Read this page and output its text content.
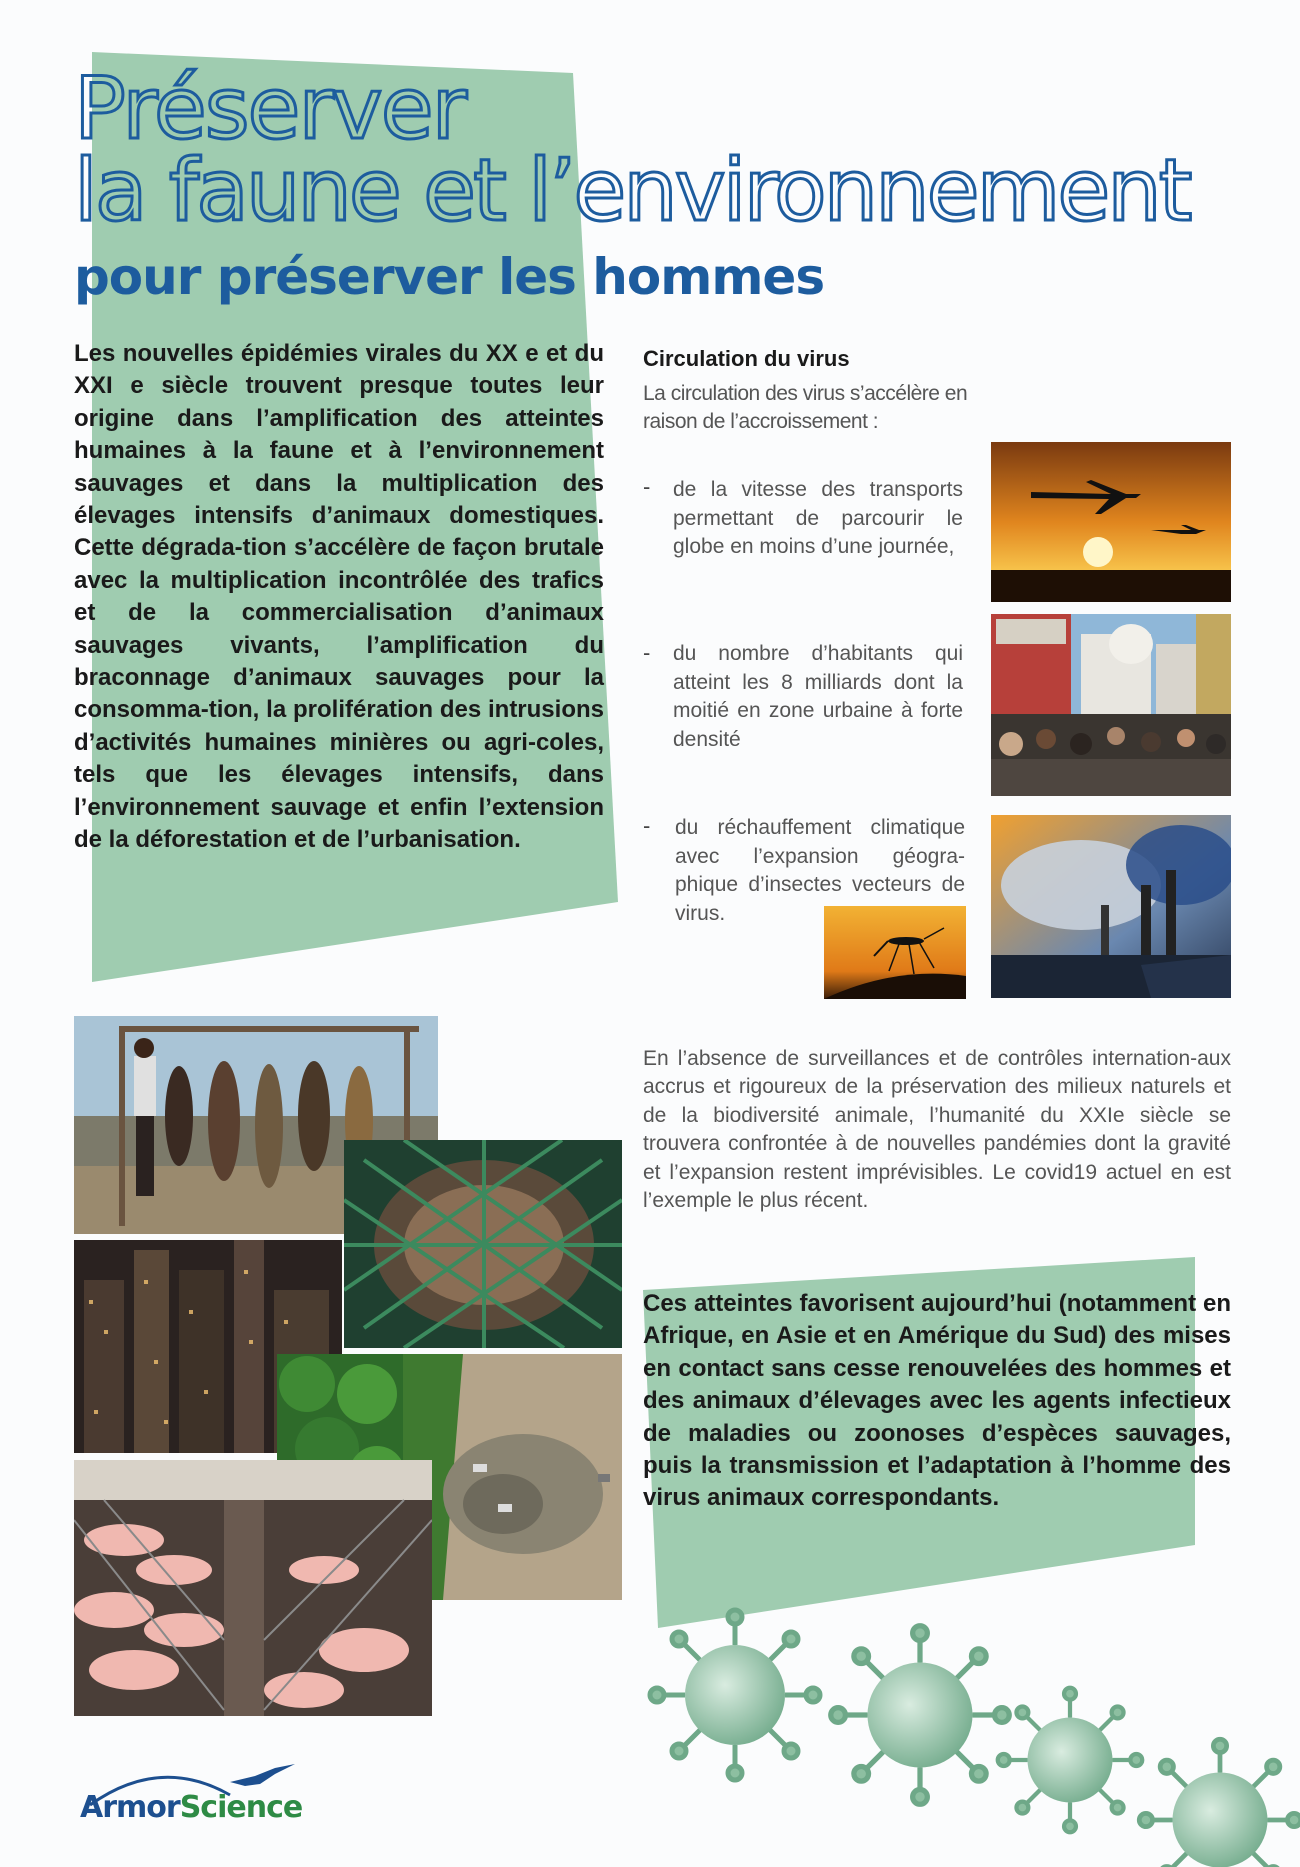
Préserver
la faune et l’environnement
pour préserver les hommes

Les nouvelles épidémies virales du XX e et du XXI e siècle trouvent presque toutes leur origine dans l’amplification des atteintes humaines à la faune et à l’environnement sauvages et dans la multiplication des élevages intensifs d’animaux domestiques. Cette dégrada-tion s’accélère de façon brutale avec la multiplication incontrôlée des trafics et de la commercialisation d’animaux sauvages vivants, l’amplification du braconnage d’animaux sauvages pour la consomma-tion, la prolifération des intrusions d’activités humaines minières ou agri-coles, tels que les élevages intensifs, dans l’environnement sauvage et enfin l’extension de la déforestation et de l’urbanisation.

Circulation du virus

La circulation des virus s’accélère en raison de l’accroissement :

- de la vitesse des transports permettant de parcourir le globe en moins d’une journée,

- du nombre d’habitants qui atteint les 8 milliards dont la moitié en zone urbaine à forte densité

- du réchauffement climatique avec l’expansion géogra-phique d’insectes vecteurs de virus.

En l’absence de surveillances et de contrôles internation-aux accrus et rigoureux de la préservation des milieux naturels et de la biodiversité animale, l’humanité du XXIe siècle se trouvera confrontée à de nouvelles pandémies dont la gravité et l’expansion restent imprévisibles. Le covid19 actuel en est l’exemple le plus récent.

Ces atteintes favorisent aujourd’hui (notamment en Afrique, en Asie et en Amérique du Sud) des mises en contact sans cesse renouvelées des hommes et des animaux d’élevages avec les agents infectieux de maladies ou zoonoses d’espèces sauvages, puis la transmission et l’adaptation à l’homme des virus animaux correspondants.

ArmorScience
